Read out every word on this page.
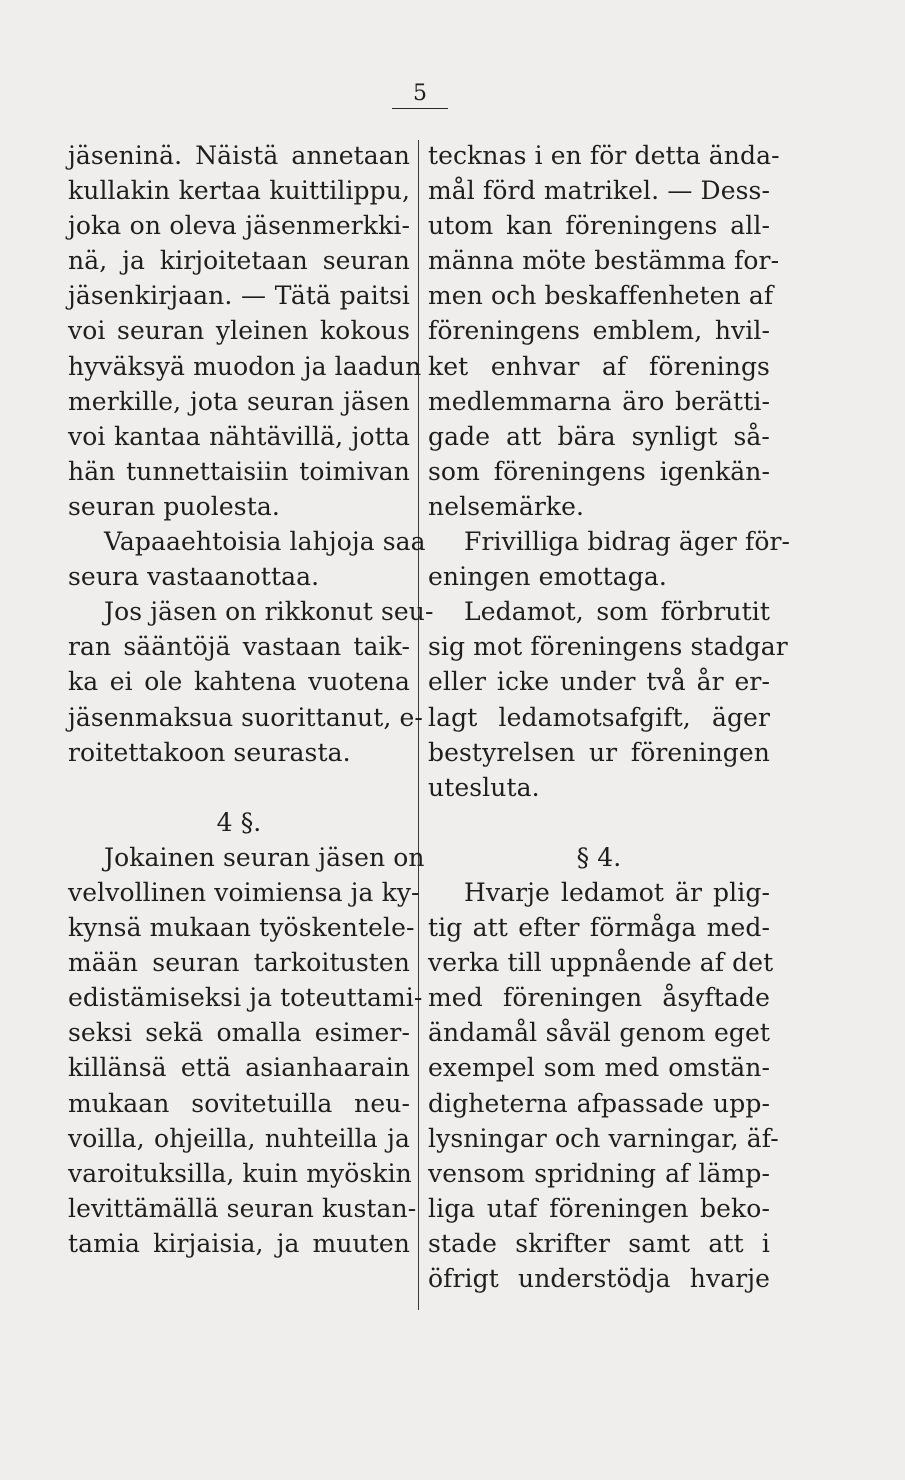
5
jäseninä. Näistä annetaan
kullakin kertaa kuittilippu,
joka on oleva jäsenmerkki-
nä, ja kirjoitetaan seuran
jäsenkirjaan. — Tätä paitsi
voi seuran yleinen kokous
hyväksyä muodon ja laadun
merkille, jota seuran jäsen
voi kantaa nähtävillä, jotta
hän tunnettaisiin toimivan
seuran puolesta.
Vapaaehtoisia lahjoja saa
seura vastaanottaa.
Jos jäsen on rikkonut seu-
ran sääntöjä vastaan taik-
ka ei ole kahtena vuotena
jäsenmaksua suorittanut, e-
roitettakoon seurasta.
4 §.
Jokainen seuran jäsen on
velvollinen voimiensa ja ky-
kynsä mukaan työskentele-
mään seuran tarkoitusten
edistämiseksi ja toteuttami-
seksi sekä omalla esimer-
killänsä että asianhaarain
mukaan sovitetuilla neu-
voilla, ohjeilla, nuhteilla ja
varoituksilla, kuin myöskin
levittämällä seuran kustan-
tamia kirjaisia, ja muuten
tecknas i en för detta ända-
mål förd matrikel. — Dess-
utom kan föreningens all-
männa möte bestämma for-
men och beskaffenheten af
föreningens emblem, hvil-
ket enhvar af förenings
medlemmarna äro berätti-
gade att bära synligt så-
som föreningens igenkän-
nelsemärke.
Frivilliga bidrag äger för-
eningen emottaga.
Ledamot, som förbrutit
sig mot föreningens stadgar
eller icke under två år er-
lagt ledamotsafgift, äger
bestyrelsen ur föreningen
utesluta.
§ 4.
Hvarje ledamot är plig-
tig att efter förmåga med-
verka till uppnående af det
med föreningen åsyftade
ändamål såväl genom eget
exempel som med omstän-
digheterna afpassade upp-
lysningar och varningar, äf-
vensom spridning af lämp-
liga utaf föreningen beko-
stade skrifter samt att i
öfrigt understödja hvarje
